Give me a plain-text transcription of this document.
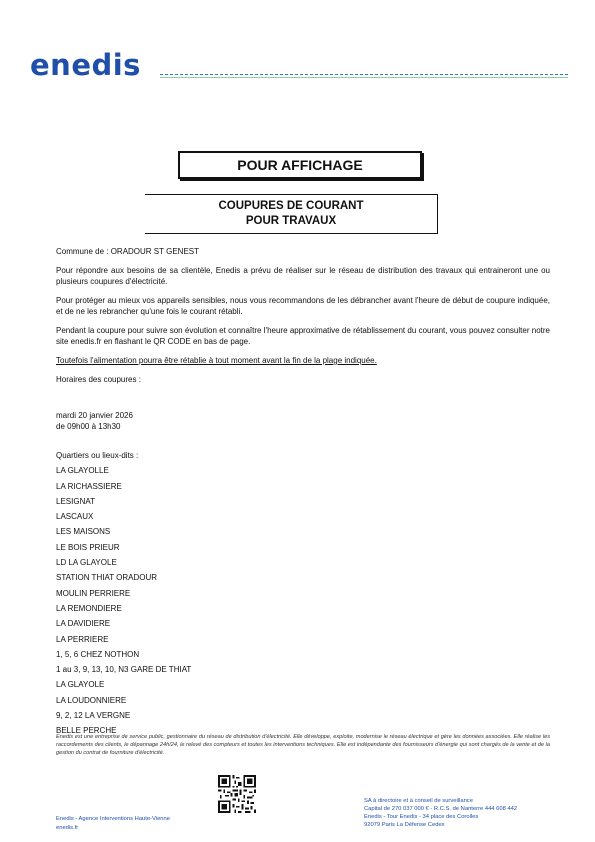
enedis
POUR AFFICHAGE
COUPURES DE COURANT
POUR TRAVAUX

Commune de : ORADOUR ST GENEST

Pour répondre aux besoins de sa clientèle, Enedis a prévu de réaliser sur le réseau de distribution des travaux qui entraineront une ou plusieurs coupures d'électricité.

Pour protéger au mieux vos appareils sensibles, nous vous recommandons de les débrancher avant l'heure de début de coupure indiquée, et de ne les rebrancher qu'une fois le courant rétabli.

Pendant la coupure pour suivre son évolution et connaître l'heure approximative de rétablissement du courant, vous pouvez consulter notre site enedis.fr en flashant le QR CODE en bas de page.

Toutefois l'alimentation pourra être rétablie à tout moment avant la fin de la plage indiquée.

Horaires des coupures :

mardi 20 janvier 2026
de 09h00 à 13h30
Quartiers ou lieux-dits :
LA GLAYOLLE
LA RICHASSIERE
LESIGNAT
LASCAUX
LES MAISONS
LE BOIS PRIEUR
LD LA GLAYOLE
STATION THIAT ORADOUR
MOULIN PERRIERE
LA REMONDIERE
LA DAVIDIERE
LA PERRIERE
1, 5, 6 CHEZ NOTHON
1 au 3, 9, 13, 10, N3 GARE DE THIAT
LA GLAYOLE
LA LOUDONNIERE
9, 2, 12 LA VERGNE
BELLE PERCHE
Enedis est une entreprise de service public, gestionnaire du réseau de distribution d'électricité. Elle développe, exploite, modernise le réseau électrique et gère les données associées. Elle réalise les raccordements des clients, le dépannage 24h/24, le relevé des compteurs et toutes les interventions techniques. Elle est indépendante des fournisseurs d'énergie qui sont chargés de la vente et de la gestion du contrat de fourniture d'électricité.
Enedis - Agence Interventions Haute-Vienne
enedis.fr
SA à directoire et à conseil de surveillance
Capital de 270 037 000 € - R.C.S. de Nanterre 444 608 442
Enedis - Tour Enedis - 34 place des Corolles
92079 Paris La Défense Cedex
